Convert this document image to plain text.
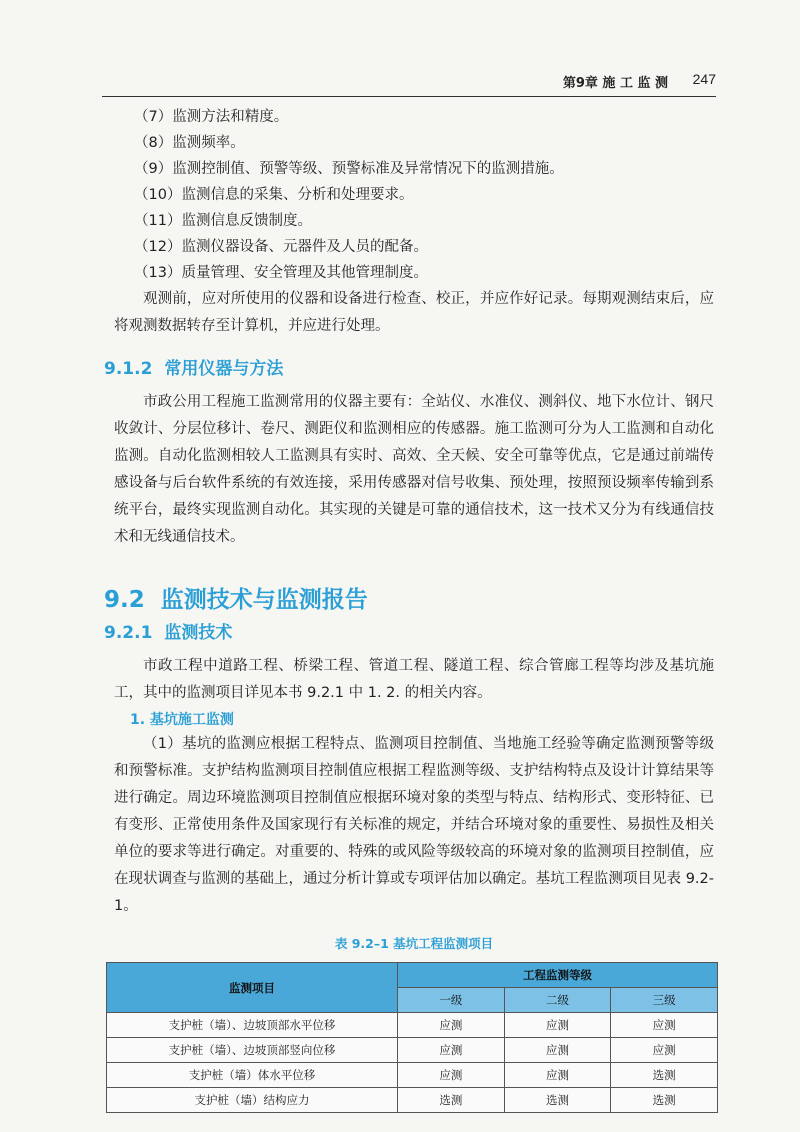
第9章 施 工 监 测 247
（7）监测方法和精度。
（8）监测频率。
（9）监测控制值、预警等级、预警标准及异常情况下的监测措施。
（10）监测信息的采集、分析和处理要求。
（11）监测信息反馈制度。
（12）监测仪器设备、元器件及人员的配备。
（13）质量管理、安全管理及其他管理制度。

观测前，应对所使用的仪器和设备进行检查、校正，并应作好记录。每期观测结束后，应将观测数据转存至计算机，并应进行处理。

9.1.2 常用仪器与方法

市政公用工程施工监测常用的仪器主要有：全站仪、水准仪、测斜仪、地下水位计、钢尺收敛计、分层位移计、卷尺、测距仪和监测相应的传感器。施工监测可分为人工监测和自动化监测。自动化监测相较人工监测具有实时、高效、全天候、安全可靠等优点，它是通过前端传感设备与后台软件系统的有效连接，采用传感器对信号收集、预处理，按照预设频率传输到系统平台，最终实现监测自动化。其实现的关键是可靠的通信技术，这一技术又分为有线通信技术和无线通信技术。

9.2 监测技术与监测报告
9.2.1 监测技术

市政工程中道路工程、桥梁工程、管道工程、隧道工程、综合管廊工程等均涉及基坑施工，其中的监测项目详见本书 9.2.1 中 1. 2. 的相关内容。

1. 基坑施工监测

（1）基坑的监测应根据工程特点、监测项目控制值、当地施工经验等确定监测预警等级和预警标准。支护结构监测项目控制值应根据工程监测等级、支护结构特点及设计计算结果等进行确定。周边环境监测项目控制值应根据环境对象的类型与特点、结构形式、变形特征、已有变形、正常使用条件及国家现行有关标准的规定，并结合环境对象的重要性、易损性及相关单位的要求等进行确定。对重要的、特殊的或风险等级较高的环境对象的监测项目控制值，应在现状调查与监测的基础上，通过分析计算或专项评估加以确定。基坑工程监测项目见表 9.2-1。

表 9.2–1 基坑工程监测项目
监测项目	工程监测等级		
	一级	二级	三级
支护桩（墙）、边坡顶部水平位移	应测	应测	应测
支护桩（墙）、边坡顶部竖向位移	应测	应测	应测
支护桩（墙）体水平位移	应测	应测	选测
支护桩（墙）结构应力	选测	选测	选测
